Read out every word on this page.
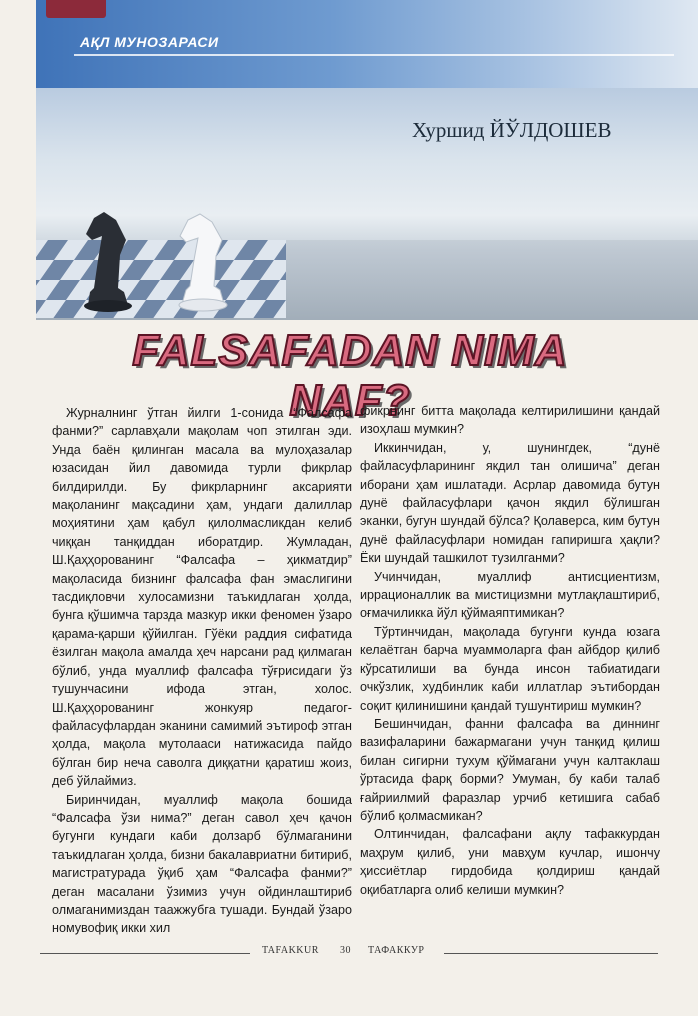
АҚЛ МУНОЗАРАСИ
Хуршид ЙЎЛДОШЕВ
FALSAFADAN NIMA NAF?

Журналнинг ўтган йилги 1-сонида “Фалсафа фанми?” сарлавҳали мақолам чоп этилган эди. Унда баён қилинган масала ва мулоҳазалар юзасидан йил давомида турли фикрлар билдирилди. Бу фикрларнинг аксарияти мақоланинг мақсадини ҳам, ундаги далиллар моҳиятини ҳам қабул қилолмасликдан келиб чиққан танқиддан иборатдир. Жумладан, Ш.Қаҳҳорованинг “Фалсафа – ҳикматдир” мақоласида бизнинг фалсафа фан эмаслигини тасдиқловчи хулосамизни таъкидлаган ҳолда, бунга қўшимча тарзда мазкур икки феномен ўзаро қарама-қарши қўйилган. Гўёки раддия сифатида ёзилган мақола амалда ҳеч нарсани рад қилмаган бўлиб, унда муаллиф фалсафа тўғрисидаги ўз тушунчасини ифода этган, холос. Ш.Қаҳҳорованинг жонкуяр педагог-файласуфлардан эканини самимий эътироф этган ҳолда, мақола мутолааси натижасида пайдо бўлган бир неча саволга диққатни қаратиш жоиз, деб ўйлаймиз.

Биринчидан, муаллиф мақола бошида “Фалсафа ўзи нима?” деган савол ҳеч қачон бугунги кундаги каби долзарб бўлмаганини таъкидлаган ҳолда, бизни бакалавриатни битириб, магистратурада ўқиб ҳам “Фалсафа фанми?” деган масалани ўзимиз учун ойдинлаштириб олмаганимиздан таажжубга тушади. Бундай ўзаро номувофиқ икки хил

фикрнинг битта мақолада келтирилишини қандай изоҳлаш мумкин?

Иккинчидан, у, шунингдек, “дунё файласуфларининг якдил тан олишича” деган иборани ҳам ишлатади. Асрлар давомида бутун дунё файласуфлари қачон якдил бўлишган эканки, бугун шундай бўлса? Қолаверса, ким бутун дунё файласуфлари номидан гапиришга ҳақли? Ёки шундай ташкилот тузилганми?

Учинчидан, муаллиф антисциентизм, иррационаллик ва мистицизмни мутлақлаштириб, оғмачиликка йўл қўймаяптимикан?

Тўртинчидан, мақолада бугунги кунда юзага келаётган барча муаммоларга фан айбдор қилиб кўрсатилиши ва бунда инсон табиатидаги очкўзлик, худбинлик каби иллатлар эътибордан соқит қилинишини қандай тушунтириш мумкин?

Бешинчидан, фанни фалсафа ва диннинг вазифаларини бажармагани учун танқид қилиш билан сигирни тухум қўймагани учун калтаклаш ўртасида фарқ борми? Умуман, бу каби талаб ғайриилмий фаразлар урчиб кетишига сабаб бўлиб қолмасмикан?

Олтинчидан, фалсафани ақлу тафаккурдан маҳрум қилиб, уни мавҳум кучлар, ишончу ҳиссиётлар гирдобида қолдириш қандай оқибатларга олиб келиши мумкин?

TAFAKKUR 30 ТАФАККУР
